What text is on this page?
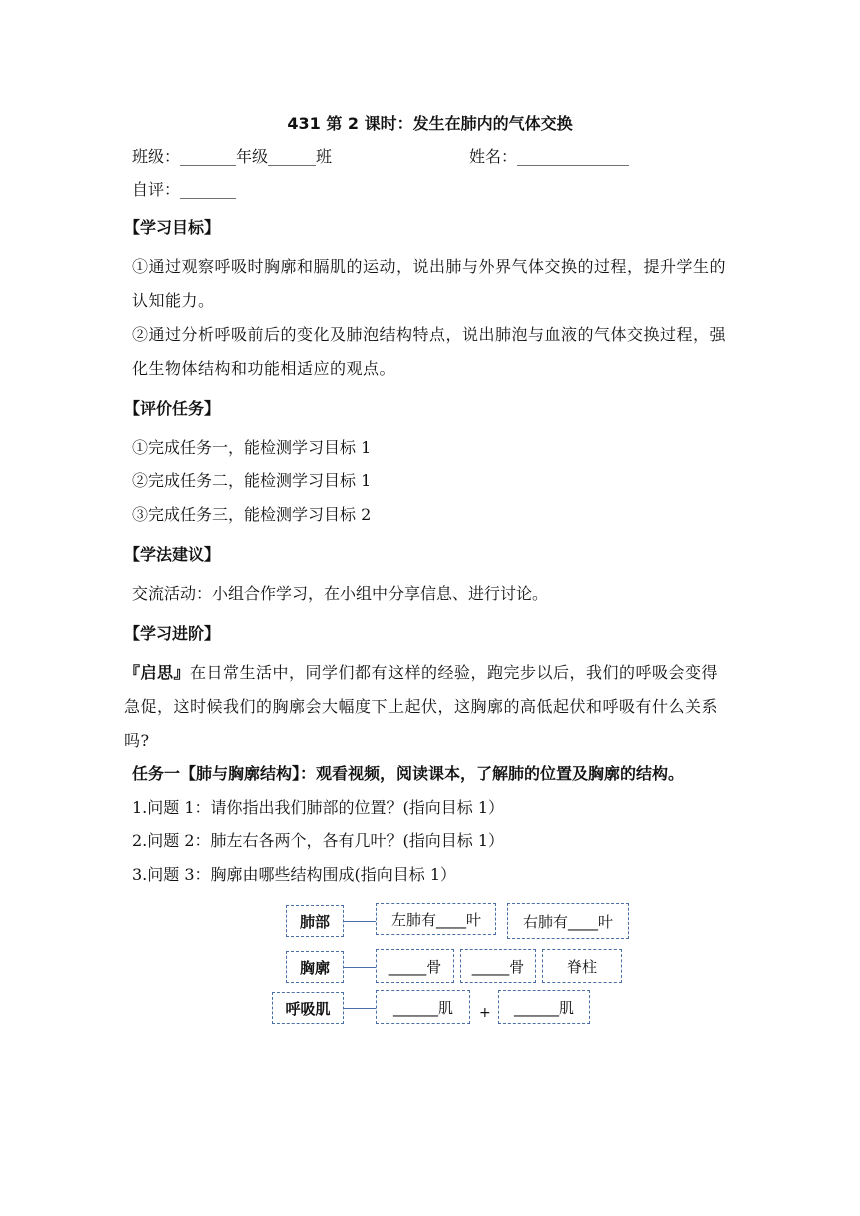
431 第 2 课时：发生在肺内的气体交换
班级：_______年级______班	姓名：______________
自评：_______
【学习目标】
①通过观察呼吸时胸廓和膈肌的运动，说出肺与外界气体交换的过程，提升学生的认知能力。
②通过分析呼吸前后的变化及肺泡结构特点，说出肺泡与血液的气体交换过程，强化生物体结构和功能相适应的观点。
【评价任务】
①完成任务一，能检测学习目标 1
②完成任务二，能检测学习目标 1
③完成任务三，能检测学习目标 2
【学法建议】
交流活动：小组合作学习，在小组中分享信息、进行讨论。
【学习进阶】
『启思』在日常生活中，同学们都有这样的经验，跑完步以后，我们的呼吸会变得急促，这时候我们的胸廓会大幅度下上起伏，这胸廓的高低起伏和呼吸有什么关系吗?
任务一【肺与胸廓结构】：观看视频，阅读课本，了解肺的位置及胸廓的结构。
1.问题 1：请你指出我们肺部的位置？(指向目标 1）
2.问题 2：肺左右各两个，各有几叶？(指向目标 1）
3.问题 3：胸廓由哪些结构围成(指向目标 1）
肺部	左肺有____叶	右肺有____叶
胸廓	_____骨	_____骨	脊柱
呼吸肌	______肌	+	______肌
